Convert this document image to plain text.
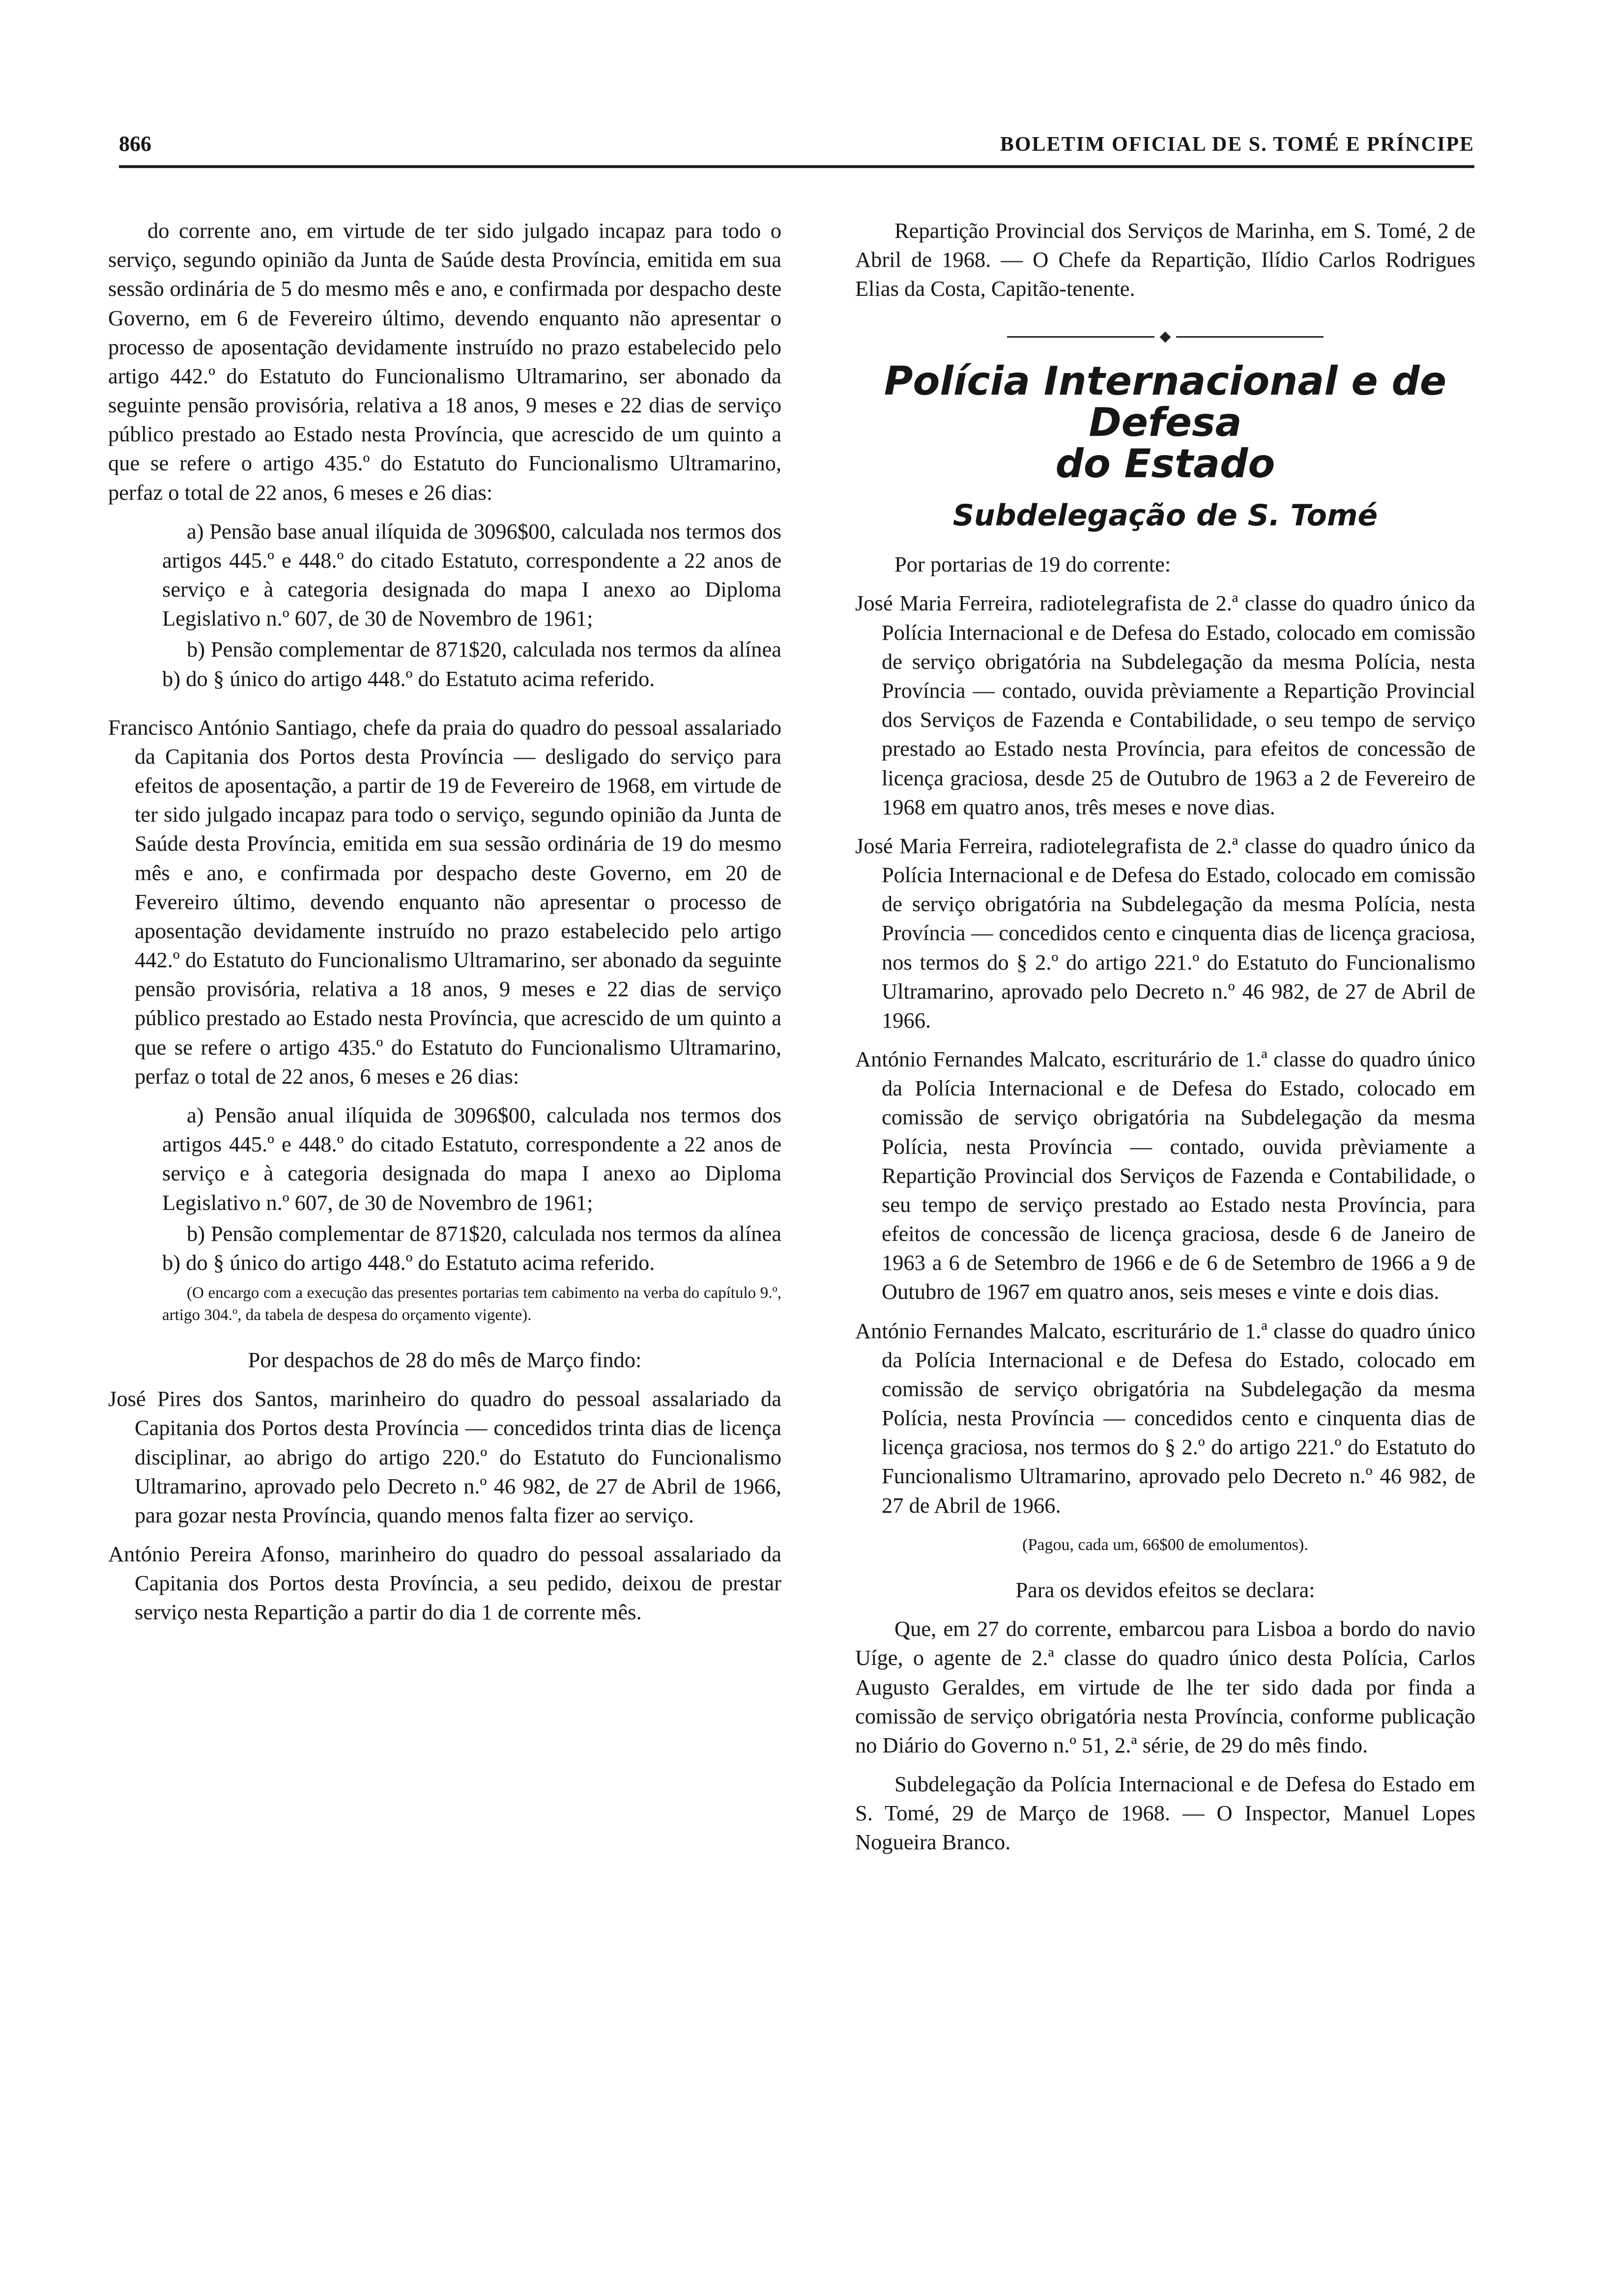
866	BOLETIM OFICIAL DE S. TOMÉ E PRÍNCIPE

do corrente ano, em virtude de ter sido julgado incapaz para todo o serviço, segundo opinião da Junta de Saúde desta Província, emitida em sua sessão ordinária de 5 do mesmo mês e ano, e confirmada por despacho deste Governo, em 6 de Fevereiro último, devendo enquanto não apresentar o processo de aposentação devidamente instruído no prazo estabelecido pelo artigo 442.º do Estatuto do Funcionalismo Ultramarino, ser abonado da seguinte pensão provisória, relativa a 18 anos, 9 meses e 22 dias de serviço público prestado ao Estado nesta Província, que acrescido de um quinto a que se refere o artigo 435.º do Estatuto do Funcionalismo Ultramarino, perfaz o total de 22 anos, 6 meses e 26 dias:

a) Pensão base anual ilíquida de 3096$00, calculada nos termos dos artigos 445.º e 448.º do citado Estatuto, correspondente a 22 anos de serviço e à categoria designada do mapa I anexo ao Diploma Legislativo n.º 607, de 30 de Novembro de 1961;

b) Pensão complementar de 871$20, calculada nos termos da alínea b) do § único do artigo 448.º do Estatuto acima referido.

Francisco António Santiago, chefe da praia do quadro do pessoal assalariado da Capitania dos Portos desta Província — desligado do serviço para efeitos de aposentação, a partir de 19 de Fevereiro de 1968, em virtude de ter sido julgado incapaz para todo o serviço, segundo opinião da Junta de Saúde desta Província, emitida em sua sessão ordinária de 19 do mesmo mês e ano, e confirmada por despacho deste Governo, em 20 de Fevereiro último, devendo enquanto não apresentar o processo de aposentação devidamente instruído no prazo estabelecido pelo artigo 442.º do Estatuto do Funcionalismo Ultramarino, ser abonado da seguinte pensão provisória, relativa a 18 anos, 9 meses e 22 dias de serviço público prestado ao Estado nesta Província, que acrescido de um quinto a que se refere o artigo 435.º do Estatuto do Funcionalismo Ultramarino, perfaz o total de 22 anos, 6 meses e 26 dias:

a) Pensão anual ilíquida de 3096$00, calculada nos termos dos artigos 445.º e 448.º do citado Estatuto, correspondente a 22 anos de serviço e à categoria designada do mapa I anexo ao Diploma Legislativo n.º 607, de 30 de Novembro de 1961;

b) Pensão complementar de 871$20, calculada nos termos da alínea b) do § único do artigo 448.º do Estatuto acima referido.

(O encargo com a execução das presentes portarias tem cabimento na verba do capítulo 9.º, artigo 304.º, da tabela de despesa do orçamento vigente).

Por despachos de 28 do mês de Março findo:

José Pires dos Santos, marinheiro do quadro do pessoal assalariado da Capitania dos Portos desta Província — concedidos trinta dias de licença disciplinar, ao abrigo do artigo 220.º do Estatuto do Funcionalismo Ultramarino, aprovado pelo Decreto n.º 46 982, de 27 de Abril de 1966, para gozar nesta Província, quando menos falta fizer ao serviço.

António Pereira Afonso, marinheiro do quadro do pessoal assalariado da Capitania dos Portos desta Província, a seu pedido, deixou de prestar serviço nesta Repartição a partir do dia 1 de corrente mês.

Repartição Provincial dos Serviços de Marinha, em S. Tomé, 2 de Abril de 1968. — O Chefe da Repartição, Ilídio Carlos Rodrigues Elias da Costa, Capitão-tenente.

Polícia Internacional e de Defesa
do Estado
Subdelegação de S. Tomé

Por portarias de 19 do corrente:

José Maria Ferreira, radiotelegrafista de 2.ª classe do quadro único da Polícia Internacional e de Defesa do Estado, colocado em comissão de serviço obrigatória na Subdelegação da mesma Polícia, nesta Província — contado, ouvida prèviamente a Repartição Provincial dos Serviços de Fazenda e Contabilidade, o seu tempo de serviço prestado ao Estado nesta Província, para efeitos de concessão de licença graciosa, desde 25 de Outubro de 1963 a 2 de Fevereiro de 1968 em quatro anos, três meses e nove dias.

José Maria Ferreira, radiotelegrafista de 2.ª classe do quadro único da Polícia Internacional e de Defesa do Estado, colocado em comissão de serviço obrigatória na Subdelegação da mesma Polícia, nesta Província — concedidos cento e cinquenta dias de licença graciosa, nos termos do § 2.º do artigo 221.º do Estatuto do Funcionalismo Ultramarino, aprovado pelo Decreto n.º 46 982, de 27 de Abril de 1966.

António Fernandes Malcato, escriturário de 1.ª classe do quadro único da Polícia Internacional e de Defesa do Estado, colocado em comissão de serviço obrigatória na Subdelegação da mesma Polícia, nesta Província — contado, ouvida prèviamente a Repartição Provincial dos Serviços de Fazenda e Contabilidade, o seu tempo de serviço prestado ao Estado nesta Província, para efeitos de concessão de licença graciosa, desde 6 de Janeiro de 1963 a 6 de Setembro de 1966 e de 6 de Setembro de 1966 a 9 de Outubro de 1967 em quatro anos, seis meses e vinte e dois dias.

António Fernandes Malcato, escriturário de 1.ª classe do quadro único da Polícia Internacional e de Defesa do Estado, colocado em comissão de serviço obrigatória na Subdelegação da mesma Polícia, nesta Província — concedidos cento e cinquenta dias de licença graciosa, nos termos do § 2.º do artigo 221.º do Estatuto do Funcionalismo Ultramarino, aprovado pelo Decreto n.º 46 982, de 27 de Abril de 1966.

(Pagou, cada um, 66$00 de emolumentos).

Para os devidos efeitos se declara:

Que, em 27 do corrente, embarcou para Lisboa a bordo do navio Uíge, o agente de 2.ª classe do quadro único desta Polícia, Carlos Augusto Geraldes, em virtude de lhe ter sido dada por finda a comissão de serviço obrigatória nesta Província, conforme publicação no Diário do Governo n.º 51, 2.ª série, de 29 do mês findo.

Subdelegação da Polícia Internacional e de Defesa do Estado em S. Tomé, 29 de Março de 1968. — O Inspector, Manuel Lopes Nogueira Branco.
